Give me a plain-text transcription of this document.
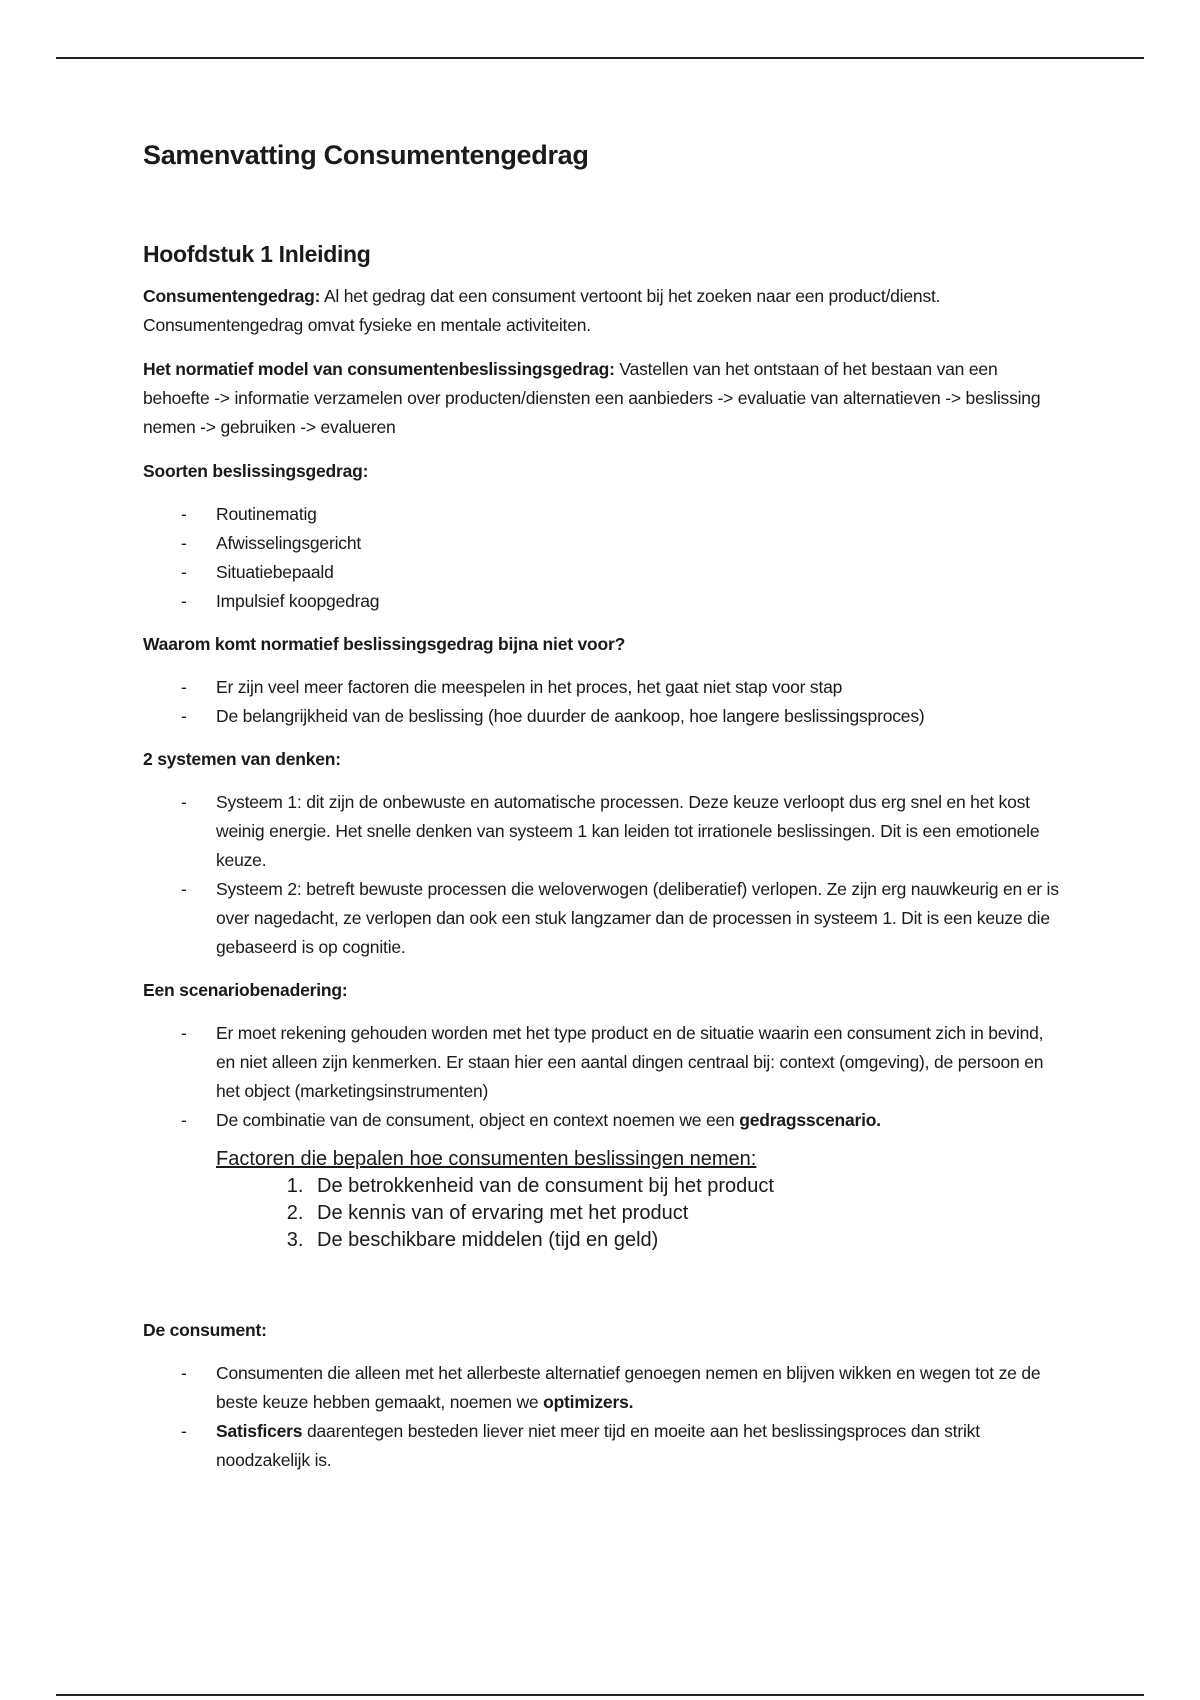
Samenvatting Consumentengedrag
Hoofdstuk 1 Inleiding

Consumentengedrag: Al het gedrag dat een consument vertoont bij het zoeken naar een product/dienst. Consumentengedrag omvat fysieke en mentale activiteiten.

Het normatief model van consumentenbeslissingsgedrag: Vastellen van het ontstaan of het bestaan van een behoefte -> informatie verzamelen over producten/diensten een aanbieders -> evaluatie van alternatieven -> beslissing nemen -> gebruiken -> evalueren

Soorten beslissingsgedrag:

- Routinematig
- Afwisselingsgericht
- Situatiebepaald
- Impulsief koopgedrag

Waarom komt normatief beslissingsgedrag bijna niet voor?

- Er zijn veel meer factoren die meespelen in het proces, het gaat niet stap voor stap
- De belangrijkheid van de beslissing (hoe duurder de aankoop, hoe langere beslissingsproces)

2 systemen van denken:

- Systeem 1: dit zijn de onbewuste en automatische processen. Deze keuze verloopt dus erg snel en het kost weinig energie. Het snelle denken van systeem 1 kan leiden tot irrationele beslissingen. Dit is een emotionele keuze.
- Systeem 2: betreft bewuste processen die weloverwogen (deliberatief) verlopen. Ze zijn erg nauwkeurig en er is over nagedacht, ze verlopen dan ook een stuk langzamer dan de processen in systeem 1. Dit is een keuze die gebaseerd is op cognitie.

Een scenariobenadering:

- Er moet rekening gehouden worden met het type product en de situatie waarin een consument zich in bevind, en niet alleen zijn kenmerken. Er staan hier een aantal dingen centraal bij: context (omgeving), de persoon en het object (marketingsinstrumenten)
- De combinatie van de consument, object en context noemen we een gedragsscenario.
Factoren die bepalen hoe consumenten beslissingen nemen:
1. De betrokkenheid van de consument bij het product
2. De kennis van of ervaring met het product
3. De beschikbare middelen (tijd en geld)

De consument:

- Consumenten die alleen met het allerbeste alternatief genoegen nemen en blijven wikken en wegen tot ze de beste keuze hebben gemaakt, noemen we optimizers.
- Satisficers daarentegen besteden liever niet meer tijd en moeite aan het beslissingsproces dan strikt noodzakelijk is.
